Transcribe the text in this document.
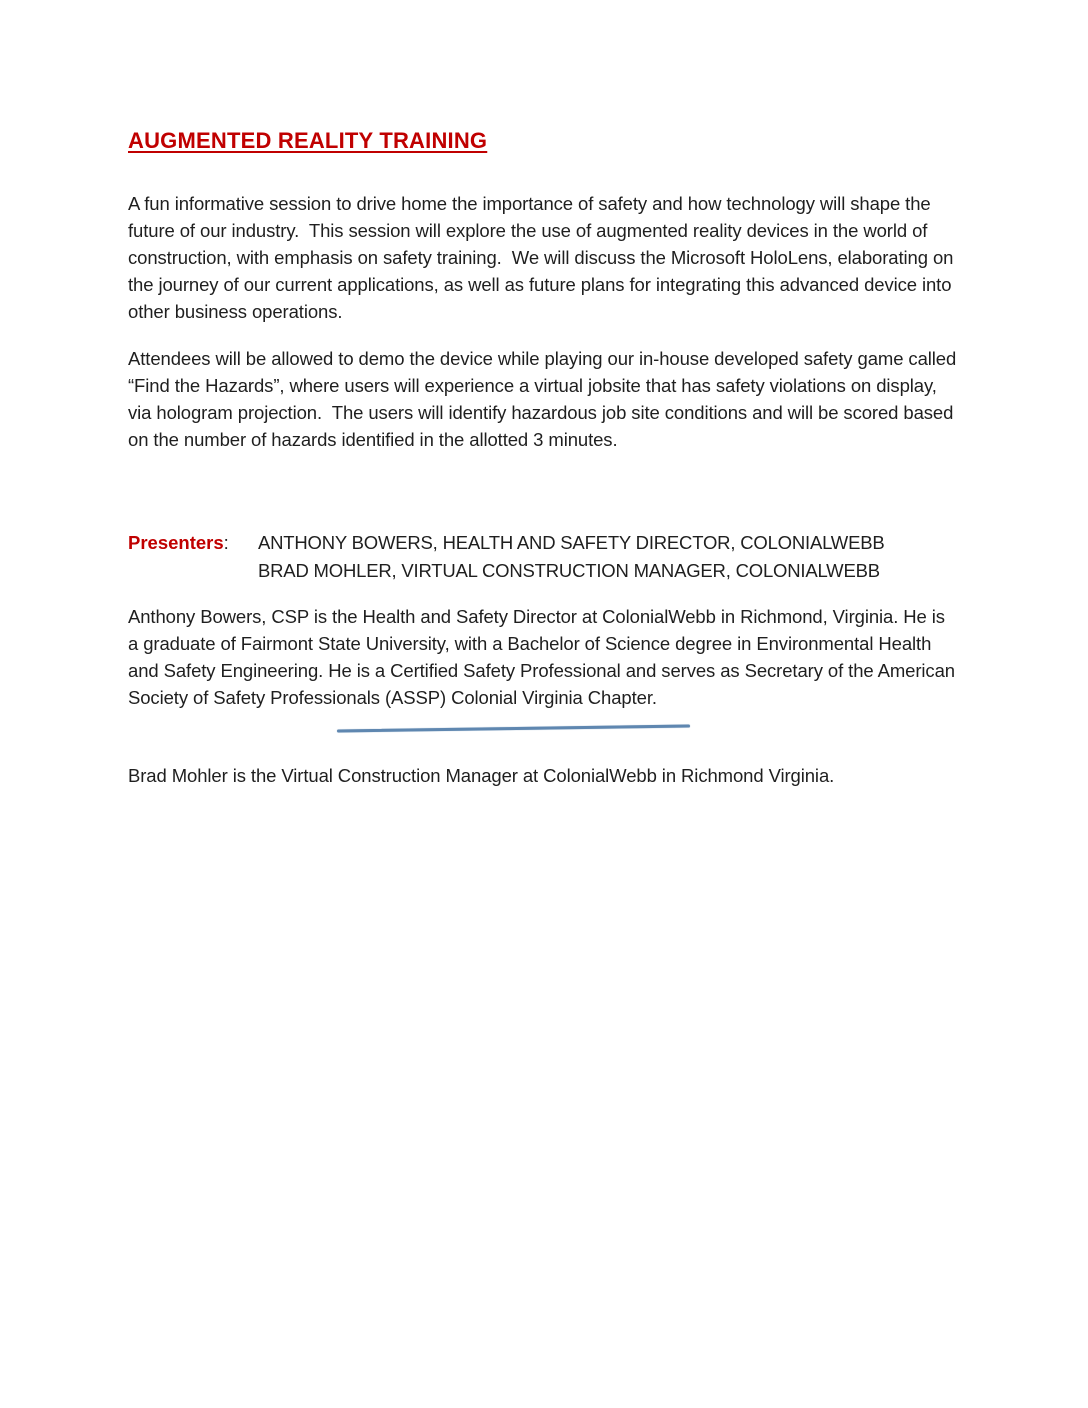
AUGMENTED REALITY TRAINING

A fun informative session to drive home the importance of safety and how technology will shape the future of our industry.  This session will explore the use of augmented reality devices in the world of construction, with emphasis on safety training.  We will discuss the Microsoft HoloLens, elaborating on the journey of our current applications, as well as future plans for integrating this advanced device into other business operations.

Attendees will be allowed to demo the device while playing our in-house developed safety game called “Find the Hazards”, where users will experience a virtual jobsite that has safety violations on display, via hologram projection.  The users will identify hazardous job site conditions and will be scored based on the number of hazards identified in the allotted 3 minutes.

Presenters:	ANTHONY BOWERS, HEALTH AND SAFETY DIRECTOR, COLONIALWEBB
BRAD MOHLER, VIRTUAL CONSTRUCTION MANAGER, COLONIALWEBB

Anthony Bowers, CSP is the Health and Safety Director at ColonialWebb in Richmond, Virginia. He is a graduate of Fairmont State University, with a Bachelor of Science degree in Environmental Health and Safety Engineering. He is a Certified Safety Professional and serves as Secretary of the American Society of Safety Professionals (ASSP) Colonial Virginia Chapter.

Brad Mohler is the Virtual Construction Manager at ColonialWebb in Richmond Virginia.
